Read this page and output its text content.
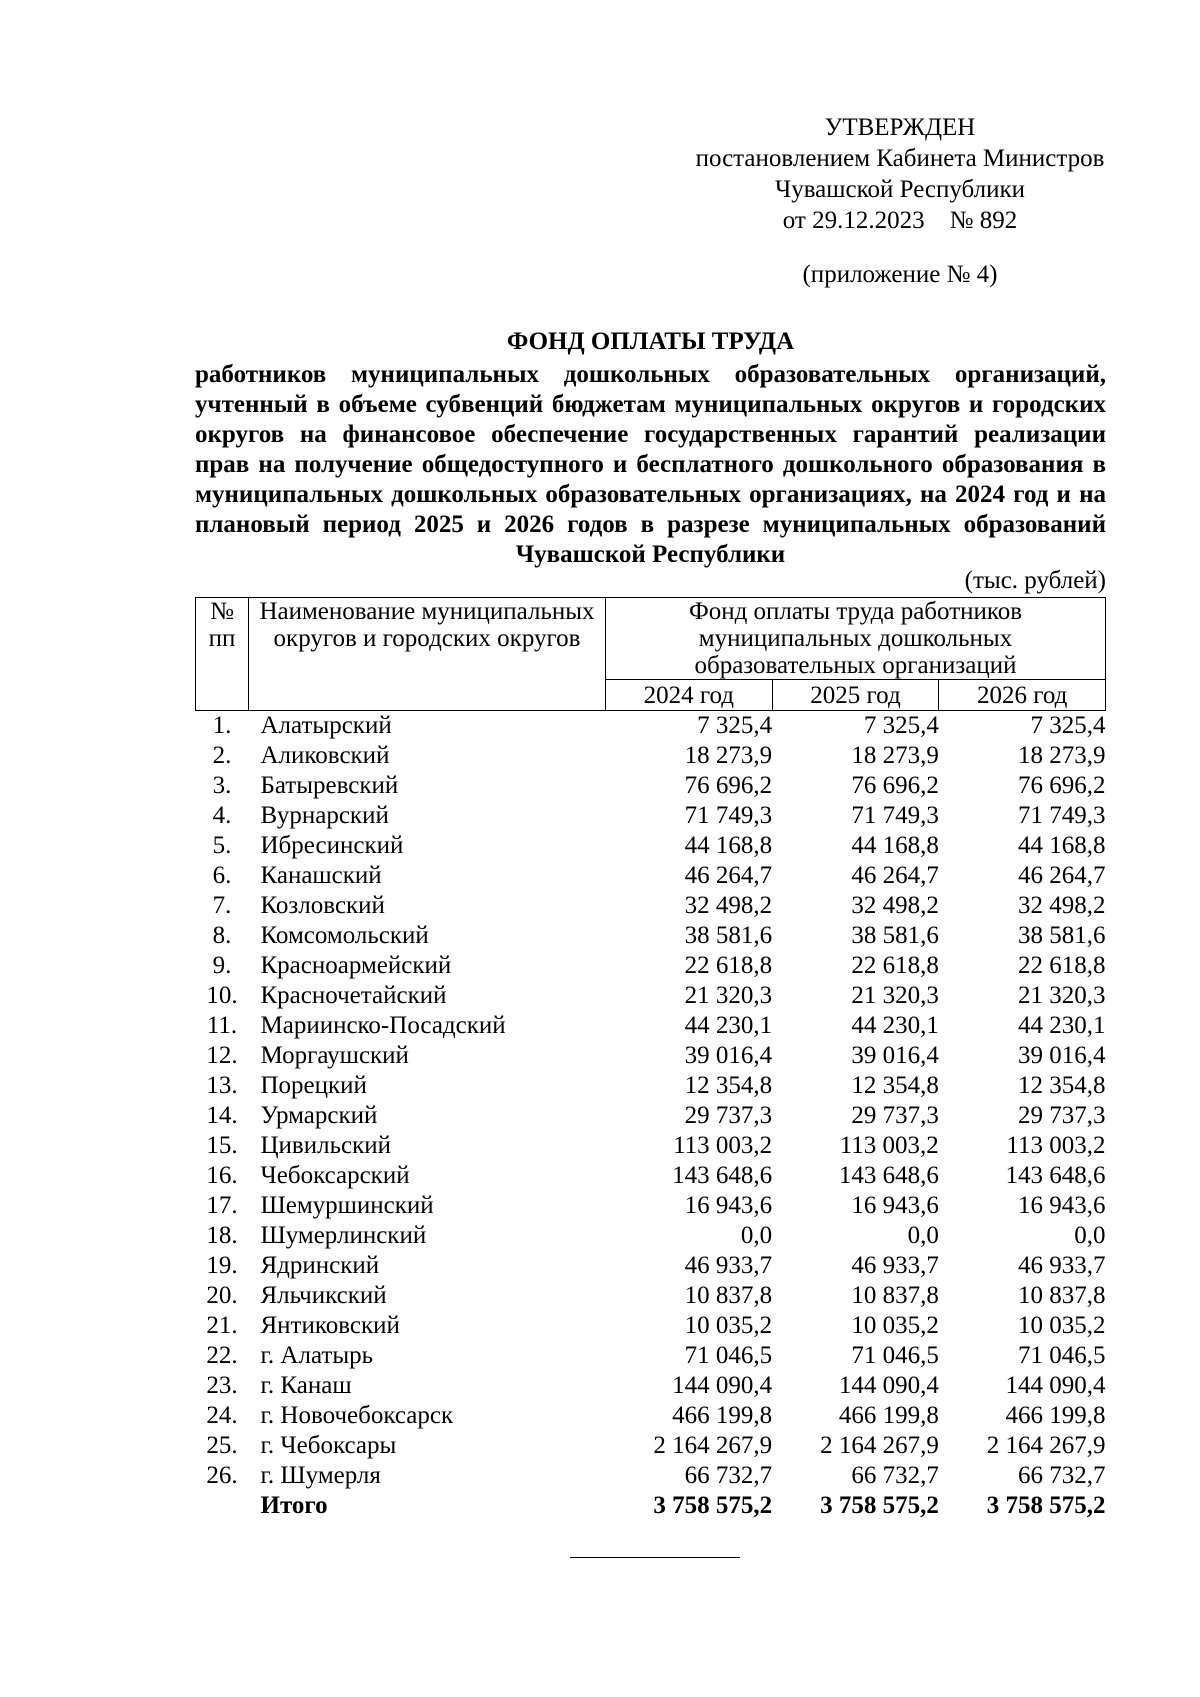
УТВЕРЖДЕН
постановлением Кабинета Министров
Чувашской Республики
от 29.12.2023    № 892
(приложение № 4)
ФОНД ОПЛАТЫ ТРУДА
работников муниципальных дошкольных образовательных организаций, учтенный в объеме субвенций бюджетам муниципальных округов и городских округов на финансовое обеспечение государственных гарантий реализации прав на получение общедоступного и бесплатного дошкольного образования в муниципальных дошкольных образовательных организациях, на 2024 год и на плановый период 2025 и 2026 годов в разрезе муниципальных образований Чувашской Республики
(тыс. рублей)
№ пп	Наименование муниципальных округов и городских округов	Фонд оплаты труда работников муниципальных дошкольных образовательных организаций		
		2024 год	2025 год	2026 год
1.	Алатырский	7 325,4	7 325,4	7 325,4
2.	Аликовский	18 273,9	18 273,9	18 273,9
3.	Батыревский	76 696,2	76 696,2	76 696,2
4.	Вурнарский	71 749,3	71 749,3	71 749,3
5.	Ибресинский	44 168,8	44 168,8	44 168,8
6.	Канашский	46 264,7	46 264,7	46 264,7
7.	Козловский	32 498,2	32 498,2	32 498,2
8.	Комсомольский	38 581,6	38 581,6	38 581,6
9.	Красноармейский	22 618,8	22 618,8	22 618,8
10.	Красночетайский	21 320,3	21 320,3	21 320,3
11.	Мариинско-Посадский	44 230,1	44 230,1	44 230,1
12.	Моргаушский	39 016,4	39 016,4	39 016,4
13.	Порецкий	12 354,8	12 354,8	12 354,8
14.	Урмарский	29 737,3	29 737,3	29 737,3
15.	Цивильский	113 003,2	113 003,2	113 003,2
16.	Чебоксарский	143 648,6	143 648,6	143 648,6
17.	Шемуршинский	16 943,6	16 943,6	16 943,6
18.	Шумерлинский	0,0	0,0	0,0
19.	Ядринский	46 933,7	46 933,7	46 933,7
20.	Яльчикский	10 837,8	10 837,8	10 837,8
21.	Янтиковский	10 035,2	10 035,2	10 035,2
22.	г. Алатырь	71 046,5	71 046,5	71 046,5
23.	г. Канаш	144 090,4	144 090,4	144 090,4
24.	г. Новочебоксарск	466 199,8	466 199,8	466 199,8
25.	г. Чебоксары	2 164 267,9	2 164 267,9	2 164 267,9
26.	г. Шумерля	66 732,7	66 732,7	66 732,7
	Итого	3 758 575,2	3 758 575,2	3 758 575,2
